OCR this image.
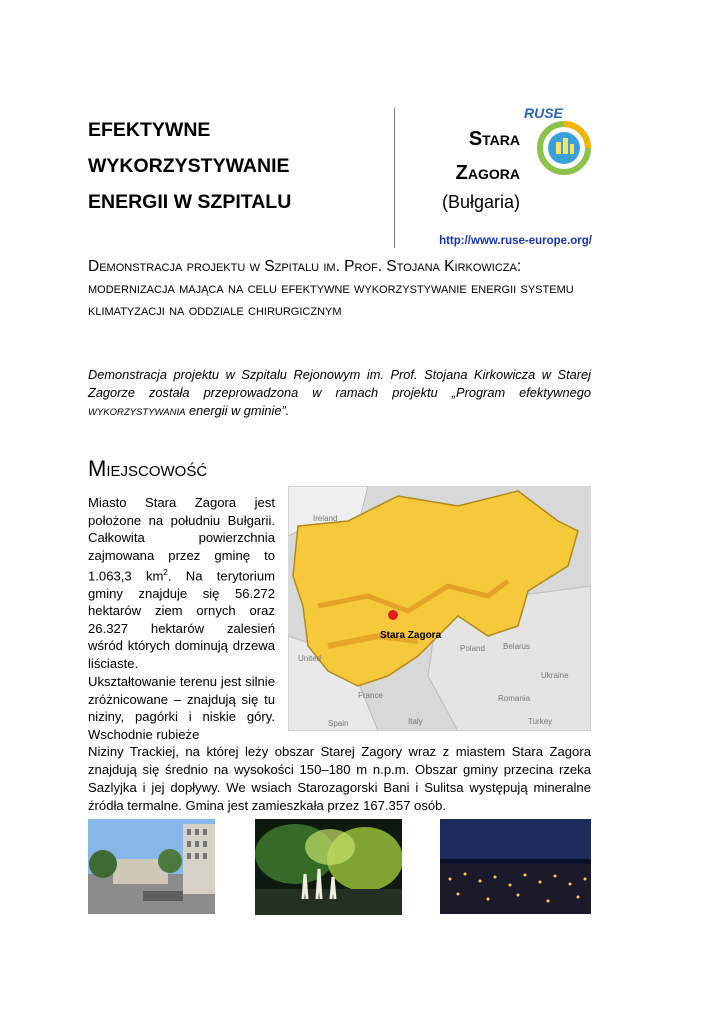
EFEKTYWNE
WYKORZYSTYWANIE
ENERGII W SZPITALU
Stara
Zagora
(Bułgaria)
RUSE
http://www.ruse-europe.org/
Demonstracja projektu w Szpitalu im. Prof. Stojana Kirkowicza: modernizacja mająca na celu efektywne wykorzystywanie energii systemu klimatyzacji na oddziale chirurgicznym
Demonstracja projektu w Szpitalu Rejonowym im. Prof. Stojana Kirkowicza w Starej Zagorze została przeprowadzona w ramach projektu „Program efektywnego WYKORZYSTYWANIA energii w gminie”.
Miejscowość
Miasto Stara Zagora jest położone na południu Bułgarii. Całkowita powierzchnia zajmowana przez gminę to 1.063,3 $km^2$. Na terytorium gminy znajduje się 56.272 hektarów ziem ornych oraz 26.327 hektarów zalesień wśród których dominują drzewa liściaste.
Ukształtowanie terenu jest silnie zróżnicowane – znajdują się tu niziny, pagórki i niskie góry. Wschodnie rubieże
Niziny Trackiej, na której leży obszar Starej Zagory wraz z miastem Stara Zagora znajdują się średnio na wysokości 150–180 m n.p.m. Obszar gminy przecina rzeka Sazlyjka i jej dopływy. We wsiach Starozagorski Bani i Sulitsa występują mineralne źródła termalne. Gmina jest zamieszkała przez 167.357 osób.
Stara Zagora
Ireland
United
Poland Belarus
Ukraine
France
Spain
Romania
Italy	Turkey
